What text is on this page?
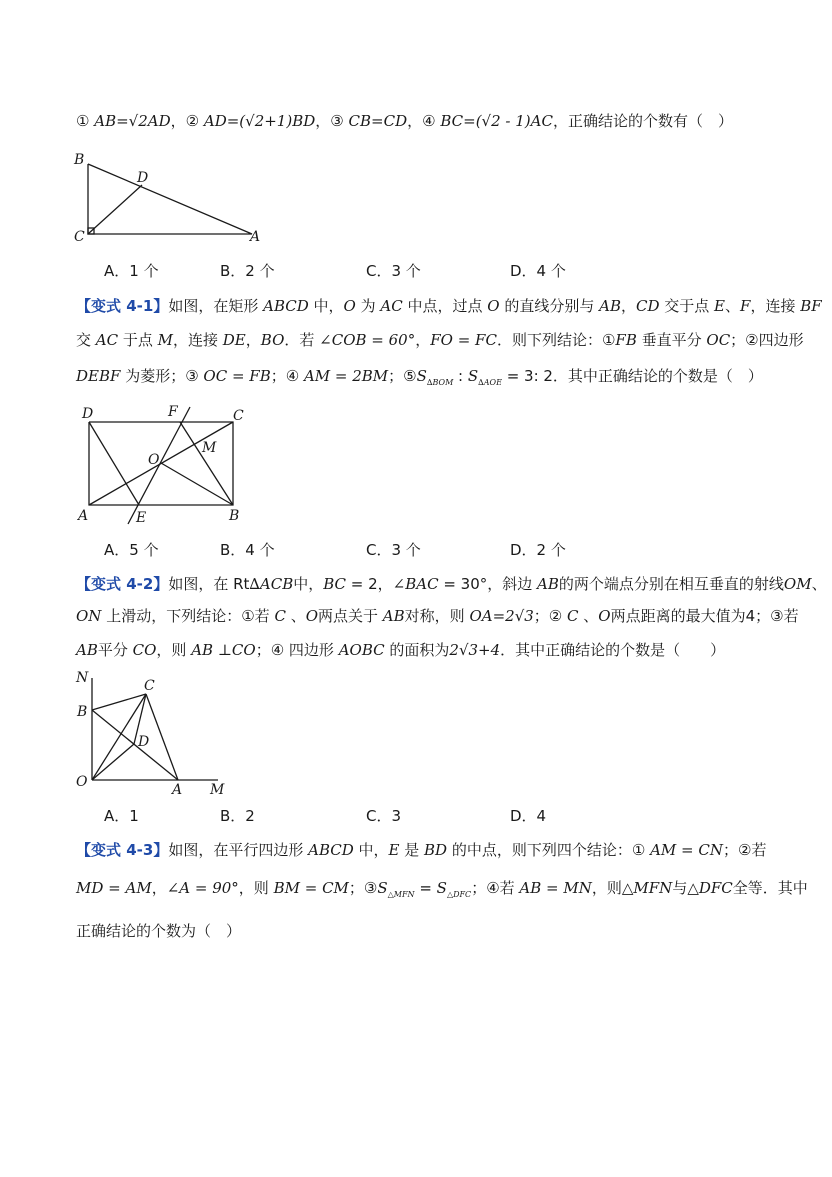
① AB=√2AD，② AD=(√2+1)BD，③ CB=CD，④ BC=(√2 - 1)AC，正确结论的个数有（　）
B
D
C	A
A．1 个	B．2 个	C．3 个	D．4 个
【变式 4-1】如图，在矩形 ABCD 中，O 为 AC 中点，过点 O 的直线分别与 AB，CD 交于点 E、F，连接 BF
交 AC 于点 M，连接 DE，BO．若 ∠COB = 60°，FO = FC．则下列结论：①FB 垂直平分 OC；②四边形
DEBF 为菱形；③ OC = FB；④ AM = 2BM；$⑤S_{\Delta BOM}$ : $S_{\Delta AOE} = 3$: 2．其中正确结论的个数是（　）
D	F	C
M
O
A	E	B
A．5 个	B．4 个	C．3 个	D．2 个
【变式 4-2】如图，在 Rt∆ACB中，BC = 2，∠BAC = 30°，斜边 AB的两个端点分别在相互垂直的射线OM、
ON 上滑动，下列结论：①若 C 、O两点关于 AB对称，则 OA=2√3；② C 、O两点距离的最大值为4；③若
AB平分 CO，则 AB ⊥CO；④ 四边形 AOBC 的面积为2√3+4．其中正确结论的个数是（　　）
N	C
B
D
O	A M
A．1	B．2	C．3	D．4
【变式 4-3】如图，在平行四边形 ABCD 中，E 是 BD 的中点，则下列四个结论：① AM = CN；②若
MD = AM，∠A = 90°，则 BM = CM；$③S_{\triangle MFN} = S_{\triangle DFC}$；④若 AB = MN，则△MFN与△DFC全等．其中
正确结论的个数为（　）
